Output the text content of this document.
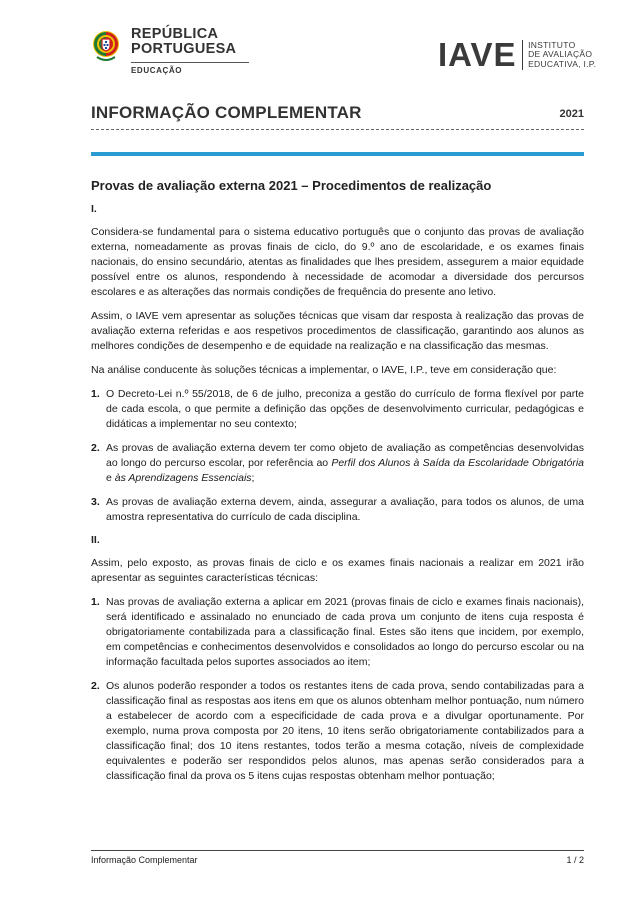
REPÚBLICA
PORTUGUESA
EDUCAÇÃO	IAVE INSTITUTO
DE AVALIAÇÃO
EDUCATIVA, I.P.
INFORMAÇÃO COMPLEMENTAR	2021
Provas de avaliação externa 2021 – Procedimentos de realização
I.

Considera-se fundamental para o sistema educativo português que o conjunto das provas de avaliação externa, nomeadamente as provas finais de ciclo, do 9.º ano de escolaridade, e os exames finais nacionais, do ensino secundário, atentas as finalidades que lhes presidem, assegurem a maior equidade possível entre os alunos, respondendo à necessidade de acomodar a diversidade dos percursos escolares e as alterações das normais condições de frequência do presente ano letivo.

Assim, o IAVE vem apresentar as soluções técnicas que visam dar resposta à realização das provas de avaliação externa referidas e aos respetivos procedimentos de classificação, garantindo aos alunos as melhores condições de desempenho e de equidade na realização e na classificação das mesmas.

Na análise conducente às soluções técnicas a implementar, o IAVE, I.P., teve em consideração que:

1. O Decreto-Lei n.º 55/2018, de 6 de julho, preconiza a gestão do currículo de forma flexível por parte de cada escola, o que permite a definição das opções de desenvolvimento curricular, pedagógicas e didáticas a implementar no seu contexto;
2. As provas de avaliação externa devem ter como objeto de avaliação as competências desenvolvidas ao longo do percurso escolar, por referência ao Perfil dos Alunos à Saída da Escolaridade Obrigatória e às Aprendizagens Essenciais;
3. As provas de avaliação externa devem, ainda, assegurar a avaliação, para todos os alunos, de uma amostra representativa do currículo de cada disciplina.
II.

Assim, pelo exposto, as provas finais de ciclo e os exames finais nacionais a realizar em 2021 irão apresentar as seguintes características técnicas:

1. Nas provas de avaliação externa a aplicar em 2021 (provas finais de ciclo e exames finais nacionais), será identificado e assinalado no enunciado de cada prova um conjunto de itens cuja resposta é obrigatoriamente contabilizada para a classificação final. Estes são itens que incidem, por exemplo, em competências e conhecimentos desenvolvidos e consolidados ao longo do percurso escolar ou na informação facultada pelos suportes associados ao item;
2. Os alunos poderão responder a todos os restantes itens de cada prova, sendo contabilizadas para a classificação final as respostas aos itens em que os alunos obtenham melhor pontuação, num número a estabelecer de acordo com a especificidade de cada prova e a divulgar oportunamente. Por exemplo, numa prova composta por 20 itens, 10 itens serão obrigatoriamente contabilizados para a classificação final; dos 10 itens restantes, todos terão a mesma cotação, níveis de complexidade equivalentes e poderão ser respondidos pelos alunos, mas apenas serão considerados para a classificação final da prova os 5 itens cujas respostas obtenham melhor pontuação;
Informação Complementar	1 / 2
